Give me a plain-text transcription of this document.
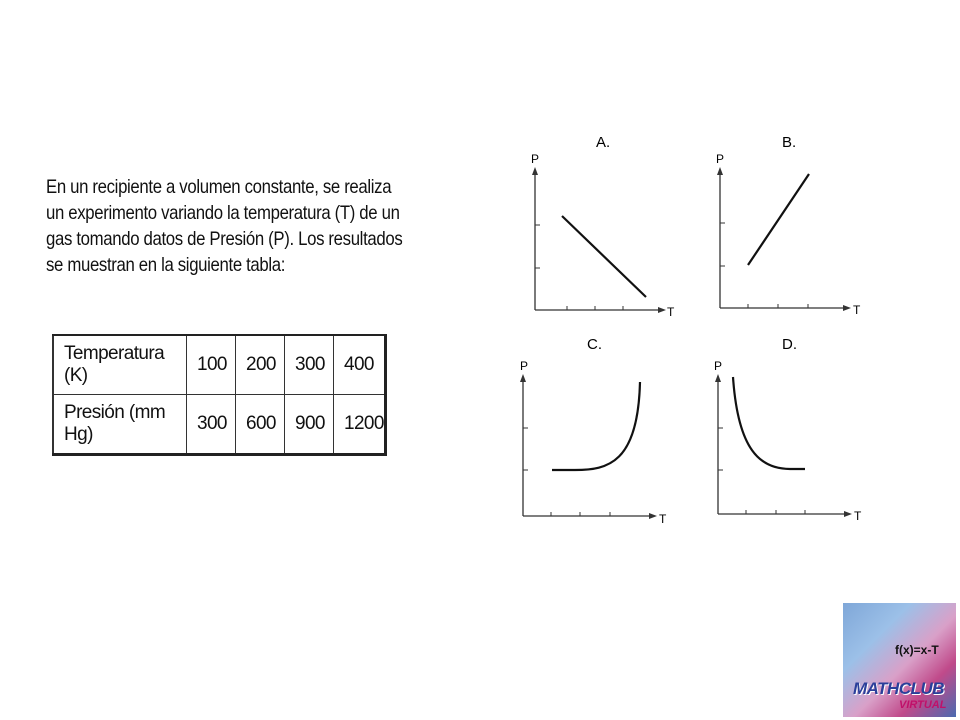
En un recipiente a volumen constante, se realiza
un experimento variando la temperatura (T) de un
gas tomando datos de Presión (P). Los resultados
se muestran en la siguiente tabla:

Temperatura (K)	100	200	300	400
Presión (mm Hg)	300	600	900	1200
A.
P
T
B.
P
T
C.
P
T
D.
P
T
f(x)=x-T
MATHCLUB
VIRTUAL
